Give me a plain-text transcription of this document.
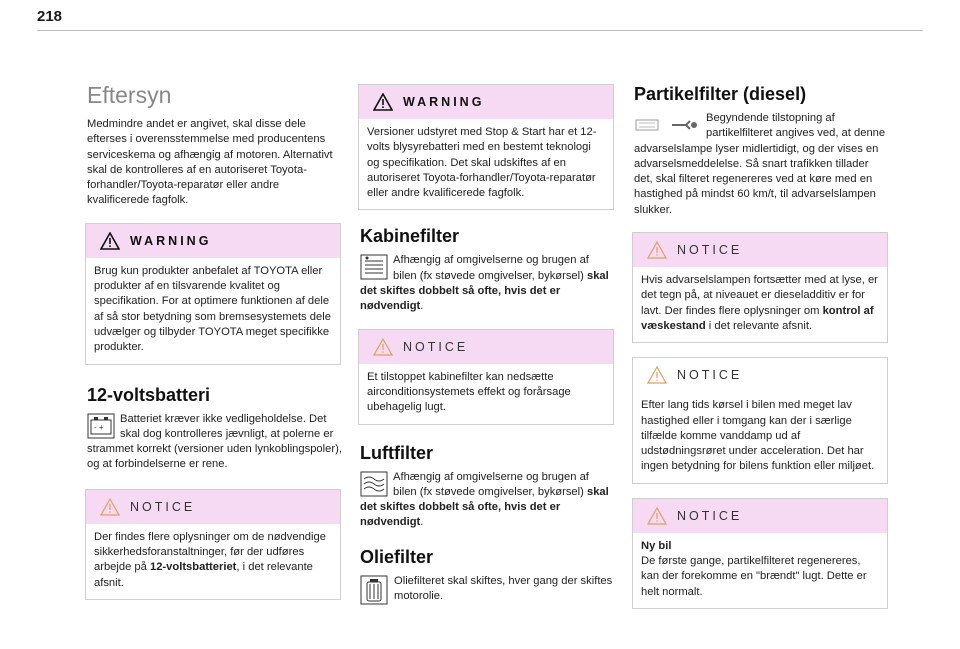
218
Eftersyn

Medmindre andet er angivet, skal disse dele efterses i overensstemmelse med producentens serviceskema og afhængig af motoren. Alternativt skal de kontrolleres af en autoriseret Toyota-forhandler/Toyota-reparatør eller andre kvalificerede fagfolk.

WARNING

Brug kun produkter anbefalet af TOYOTA eller produkter af en tilsvarende kvalitet og specifikation. For at optimere funktionen af dele af så stor betydning som bremsesystemets dele udvælger og tilbyder TOYOTA meget specifikke produkter.

12-voltsbatteri

- +
Batteriet kræver ikke vedligeholdelse. Det skal dog kontrolleres jævnligt, at polerne er strammet korrekt (versioner uden lynkoblingspoler), og at forbindelserne er rene.

NOTICE

Der findes flere oplysninger om de nødvendige sikkerhedsforanstaltninger, før der udføres arbejde på 12-voltsbatteriet, i det relevante afsnit.

WARNING

Versioner udstyret med Stop & Start har et 12-volts blysyrebatteri med en bestemt teknologi og specifikation. Det skal udskiftes af en autoriseret Toyota-forhandler/Toyota-reparatør eller andre kvalificerede fagfolk.

Kabinefilter

Afhængig af omgivelserne og brugen af bilen (fx støvede omgivelser, bykørsel) skal det skiftes dobbelt så ofte, hvis det er nødvendigt.

NOTICE

Et tilstoppet kabinefilter kan nedsætte airconditionsystemets effekt og forårsage ubehagelig lugt.

Luftfilter

Afhængig af omgivelserne og brugen af bilen (fx støvede omgivelser, bykørsel) skal det skiftes dobbelt så ofte, hvis det er nødvendigt.

Oliefilter

Oliefilteret skal skiftes, hver gang der skiftes motorolie.

Partikelfilter (diesel)

Begyndende tilstopning af partikelfilteret angives ved, at denne advarselslampe lyser midlertidigt, og der vises en advarselsmeddelelse. Så snart trafikken tillader det, skal filteret regenereres ved at køre med en hastighed på mindst 60 km/t, til advarselslampen slukker.

NOTICE

Hvis advarselslampen fortsætter med at lyse, er det tegn på, at niveauet er dieseladditiv er for lavt. Der findes flere oplysninger om kontrol af væskestand i det relevante afsnit.

NOTICE

Efter lang tids kørsel i bilen med meget lav hastighed eller i tomgang kan der i særlige tilfælde komme vanddamp ud af udstødningsrøret under acceleration. Det har ingen betydning for bilens funktion eller miljøet.

NOTICE

Ny bil

De første gange, partikelfilteret regenereres, kan der forekomme en "brændt" lugt. Dette er helt normalt.
